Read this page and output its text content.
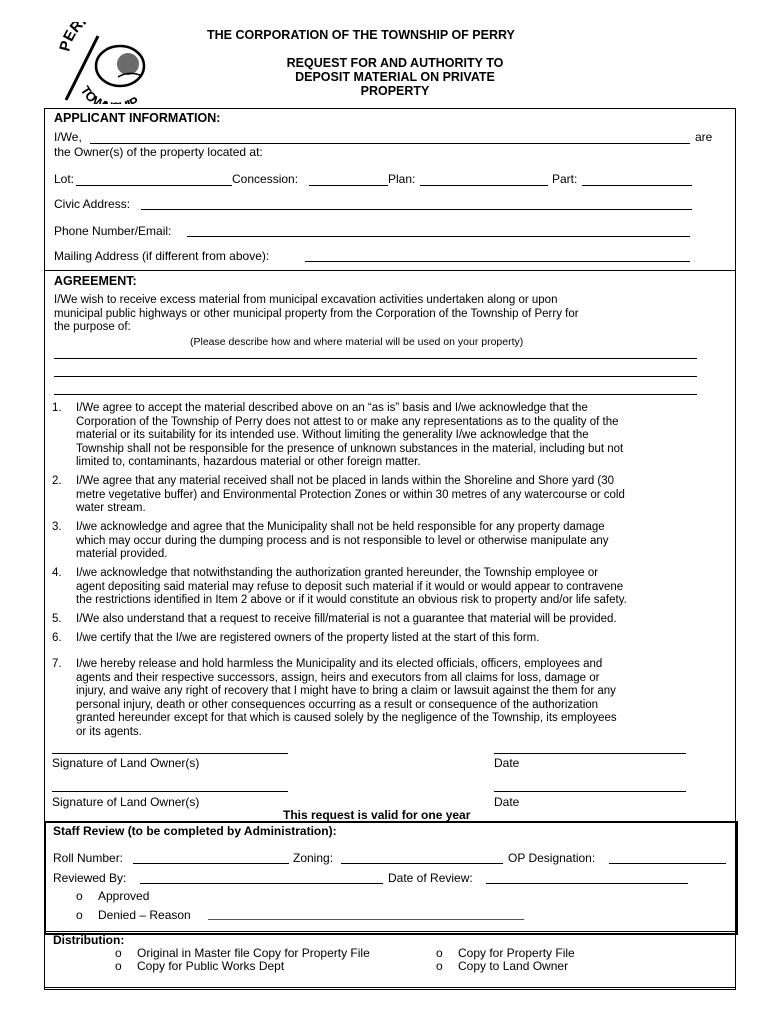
PER
TOW P
THE CORPORATION OF THE TOWNSHIP OF PERRY
REQUEST FOR AND AUTHORITY TO
DEPOSIT MATERIAL ON PRIVATE
PROPERTY
APPLICANT INFORMATION:
I/We,	are
the Owner(s) of the property located at:
Lot:	Concession:	Plan:	Part:
Civic Address:
Phone Number/Email:
Mailing Address (if different from above):
AGREEMENT:
I/We wish to receive excess material from municipal excavation activities undertaken along or upon
municipal public highways or other municipal property from the Corporation of the Township of Perry for
the purpose of:
(Please describe how and where material will be used on your property)
1. I/We agree to accept the material described above on an “as is” basis and I/we acknowledge that the
Corporation of the Township of Perry does not attest to or make any representations as to the quality of the
material or its suitability for its intended use. Without limiting the generality I/we acknowledge that the
Township shall not be responsible for the presence of unknown substances in the material, including but not
limited to, contaminants, hazardous material or other foreign matter.
2. I/We agree that any material received shall not be placed in lands within the Shoreline and Shore yard (30
metre vegetative buffer) and Environmental Protection Zones or within 30 metres of any watercourse or cold
water stream.
3. I/we acknowledge and agree that the Municipality shall not be held responsible for any property damage
which may occur during the dumping process and is not responsible to level or otherwise manipulate any
material provided.
4. I/we acknowledge that notwithstanding the authorization granted hereunder, the Township employee or
agent depositing said material may refuse to deposit such material if it would or would appear to contravene
the restrictions identified in Item 2 above or if it would constitute an obvious risk to property and/or life safety.
5. I/We also understand that a request to receive fill/material is not a guarantee that material will be provided.
6. I/we certify that the I/we are registered owners of the property listed at the start of this form.
7. I/we hereby release and hold harmless the Municipality and its elected officials, officers, employees and
agents and their respective successors, assign, heirs and executors from all claims for loss, damage or
injury, and waive any right of recovery that I might have to bring a claim or lawsuit against the them for any
personal injury, death or other consequences occurring as a result or consequence of the authorization
granted hereunder except for that which is caused solely by the negligence of the Township, its employees
or its agents.
Signature of Land Owner(s)	Date
Signature of Land Owner(s)	Date
This request is valid for one year
Staff Review (to be completed by Administration):
Roll Number:	Zoning:	OP Designation:
Reviewed By:	Date of Review:
o Approved
o Denied – Reason
Distribution:
o Original in Master file Copy for Property File	o Copy for Property File
o Copy for Public Works Dept	o Copy to Land Owner
